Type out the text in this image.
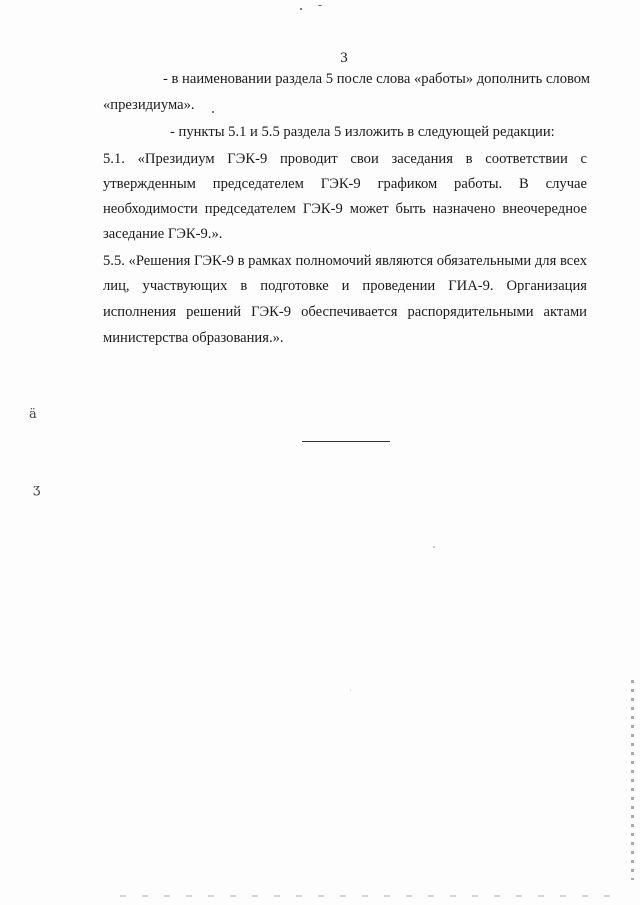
3
- в наименовании раздела 5 после слова «работы» дополнить словом
«президиума».
- пункты 5.1 и 5.5 раздела 5 изложить в следующей редакции:
5.1. «Президиум ГЭК-9 проводит свои заседания в соответствии с
утвержденным председателем ГЭК-9 графиком работы. В случае
необходимости председателем ГЭК-9 может быть назначено внеочередное
заседание ГЭК-9.».
5.5. «Решения ГЭК-9 в рамках полномочий являются обязательными для всех
лиц, участвующих в подготовке и проведении ГИА-9. Организация
исполнения решений ГЭК-9 обеспечивается распорядительными актами
министерства образования.».
ä
ʒ
